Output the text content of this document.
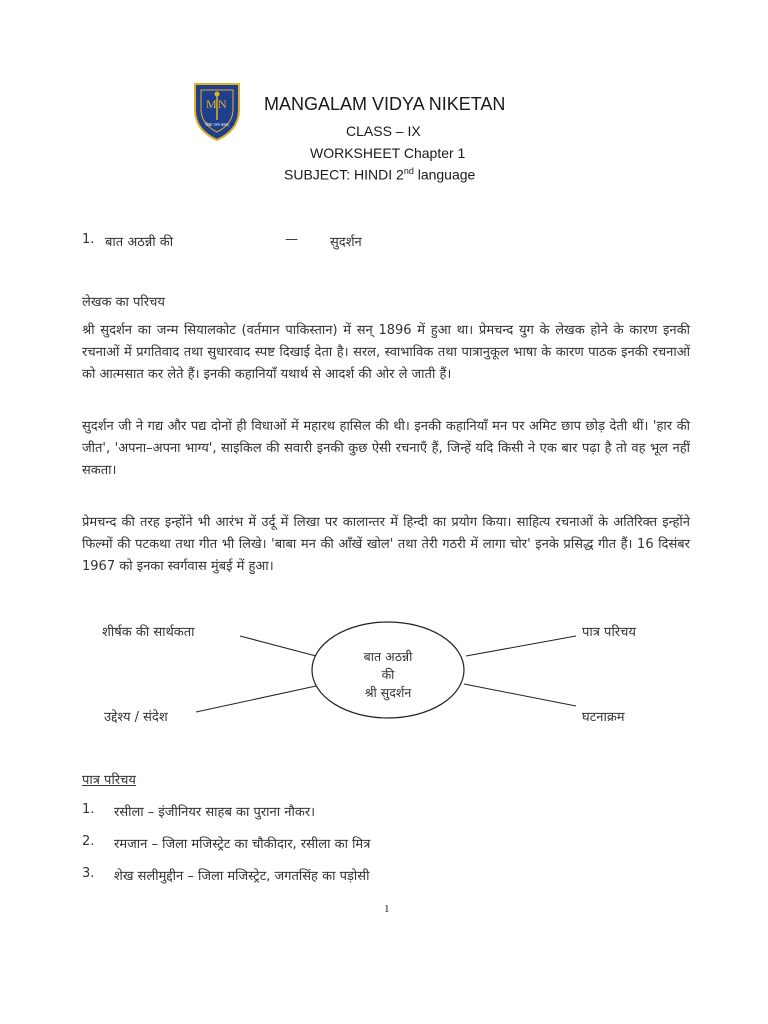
M N
विद्या परम बलम्
MANGALAM VIDYA NIKETAN
CLASS – IX
WORKSHEET Chapter 1
SUBJECT: HINDI 2nd language
1. बात अठन्नी की	— सुदर्शन
लेखक का परिचय
श्री सुदर्शन का जन्म सियालकोट (वर्तमान पाकिस्तान) में सन् 1896 में हुआ था। प्रेमचन्द युग के लेखक होने के कारण इनकी रचनाओं में प्रगतिवाद तथा सुधारवाद स्पष्ट दिखाई देता है। सरल, स्वाभाविक तथा पात्रानुकूल भाषा के कारण पाठक इनकी रचनाओं को आत्मसात कर लेते हैं। इनकी कहानियाँ यथार्थ से आदर्श की ओर ले जाती हैं।
सुदर्शन जी ने गद्य और पद्य दोनों ही विधाओं में महारथ हासिल की थी। इनकी कहानियाँ मन पर अमिट छाप छोड़ देती थीं। 'हार की जीत', 'अपना–अपना भाग्य', साइकिल की सवारी इनकी कुछ ऐसी रचनाएँ हैं, जिन्हें यदि किसी ने एक बार पढ़ा है तो वह भूल नहीं सकता।
प्रेमचन्द की तरह इन्होंने भी आरंभ में उर्दू में लिखा पर कालान्तर में हिन्दी का प्रयोग किया। साहित्य रचनाओं के अतिरिक्त इन्होंने फिल्मों की पटकथा तथा गीत भी लिखे। 'बाबा मन की आँखें खोल' तथा तेरी गठरी में लागा चोर' इनके प्रसिद्ध गीत हैं। 16 दिसंबर 1967 को इनका स्वर्गवास मुंबई में हुआ।
बात अठन्नी
की
श्री सुदर्शन
शीर्षक की सार्थकता	पात्र परिचय
उद्देश्य / संदेश	घटनाक्रम
पात्र परिचय
1. रसीला – इंजीनियर साहब का पुराना नौकर।
2. रमजान – जिला मजिस्ट्रेट का चौकीदार, रसीला का मित्र
3. शेख सलीमुद्दीन – जिला मजिस्ट्रेट, जगतसिंह का पड़ोसी
1
